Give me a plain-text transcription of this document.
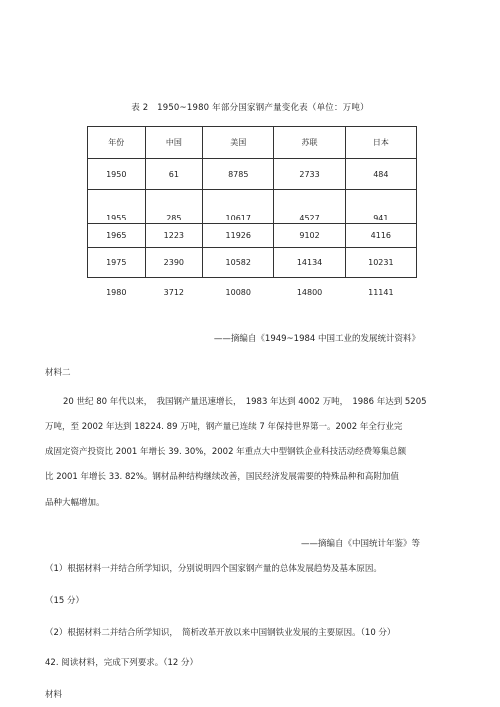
表 2　1950~1980 年部分国家钢产量变化表（单位：万吨）
年份	中国	美国	苏联	日本
1950	61	8785	2733	484
1955	285	10617	4527	941
1965	1223	11926	9102	4116
1975	2390	10582	14134	10231
1980	3712	10080	14800	11141
——摘编自《1949~1984 中国工业的发展统计资料》
材料二
20 世纪 80 年代以来，　我国钢产量迅速增长，　1983 年达到 4002 万吨，　1986 年达到 5205
万吨，至 2002 年达到 18224. 89 万吨，钢产量已连续 7 年保持世界第一。2002 年全行业完
成固定资产投资比 2001 年增长 39. 30%，2002 年重点大中型钢铁企业科技活动经费筹集总额
比 2001 年增长 33. 82%。钢材品种结构继续改善，国民经济发展需要的特殊品种和高附加值
品种大幅增加。
——摘编自《中国统计年鉴》等
（1）根据材料一并结合所学知识，分别说明四个国家钢产量的总体发展趋势及基本原因。
（15 分）
（2）根据材料二并结合所学知识，　简析改革开放以来中国钢铁业发展的主要原因。（10 分）
42. 阅读材料，完成下列要求。（12 分）
材料
